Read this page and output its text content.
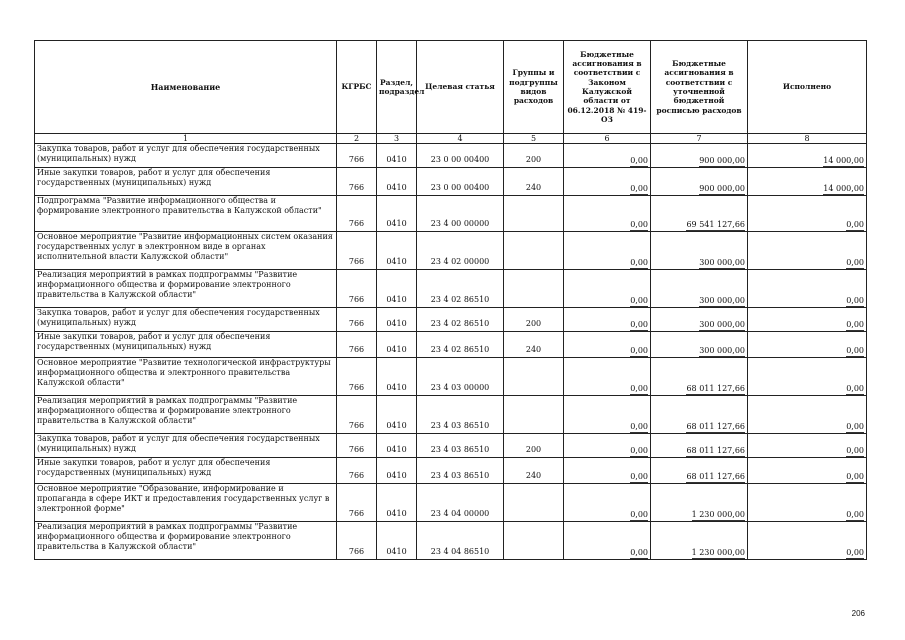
Наименование	КГРБС	Раздел, подраздел	Целевая статья	Группы и подгруппы видов расходов	Бюджетные ассигнования в соответствии с Законом Калужской области от 06.12.2018 № 419-ОЗ	Бюджетные ассигнования в соответствии с уточненной бюджетной росписью расходов	Исполнено
1	2	3	4	5	6	7	8
Закупка товаров, работ и услуг для обеспечения государственных (муниципальных) нужд	766	0410	23 0 00 00400	200	0,00	900 000,00	14 000,00
Иные закупки товаров, работ и услуг для обеспечения государственных (муниципальных) нужд	766	0410	23 0 00 00400	240	0,00	900 000,00	14 000,00
Подпрограмма "Развитие информационного общества и формирование электронного правительства в Калужской области"	766	0410	23 4 00 00000		0,00	69 541 127,66	0,00
Основное мероприятие "Развитие информационных систем оказания государственных услуг в электронном виде в органах исполнительной власти Калужской области"	766	0410	23 4 02 00000		0,00	300 000,00	0,00
Реализация мероприятий в рамках подпрограммы "Развитие информационного общества и формирование электронного правительства в Калужской области"	766	0410	23 4 02 86510		0,00	300 000,00	0,00
Закупка товаров, работ и услуг для обеспечения государственных (муниципальных) нужд	766	0410	23 4 02 86510	200	0,00	300 000,00	0,00
Иные закупки товаров, работ и услуг для обеспечения государственных (муниципальных) нужд	766	0410	23 4 02 86510	240	0,00	300 000,00	0,00
Основное мероприятие "Развитие технологической инфраструктуры информационного общества и электронного правительства Калужской области"	766	0410	23 4 03 00000		0,00	68 011 127,66	0,00
Реализация мероприятий в рамках подпрограммы "Развитие информационного общества и формирование электронного правительства в Калужской области"	766	0410	23 4 03 86510		0,00	68 011 127,66	0,00
Закупка товаров, работ и услуг для обеспечения государственных (муниципальных) нужд	766	0410	23 4 03 86510	200	0,00	68 011 127,66	0,00
Иные закупки товаров, работ и услуг для обеспечения государственных (муниципальных) нужд	766	0410	23 4 03 86510	240	0,00	68 011 127,66	0,00
Основное мероприятие "Образование, информирование и пропаганда в сфере ИКТ и предоставления государственных услуг в электронной форме"	766	0410	23 4 04 00000		0,00	1 230 000,00	0,00
Реализация мероприятий в рамках подпрограммы "Развитие информационного общества и формирование электронного правительства в Калужской области"	766	0410	23 4 04 86510		0,00	1 230 000,00	0,00
206
